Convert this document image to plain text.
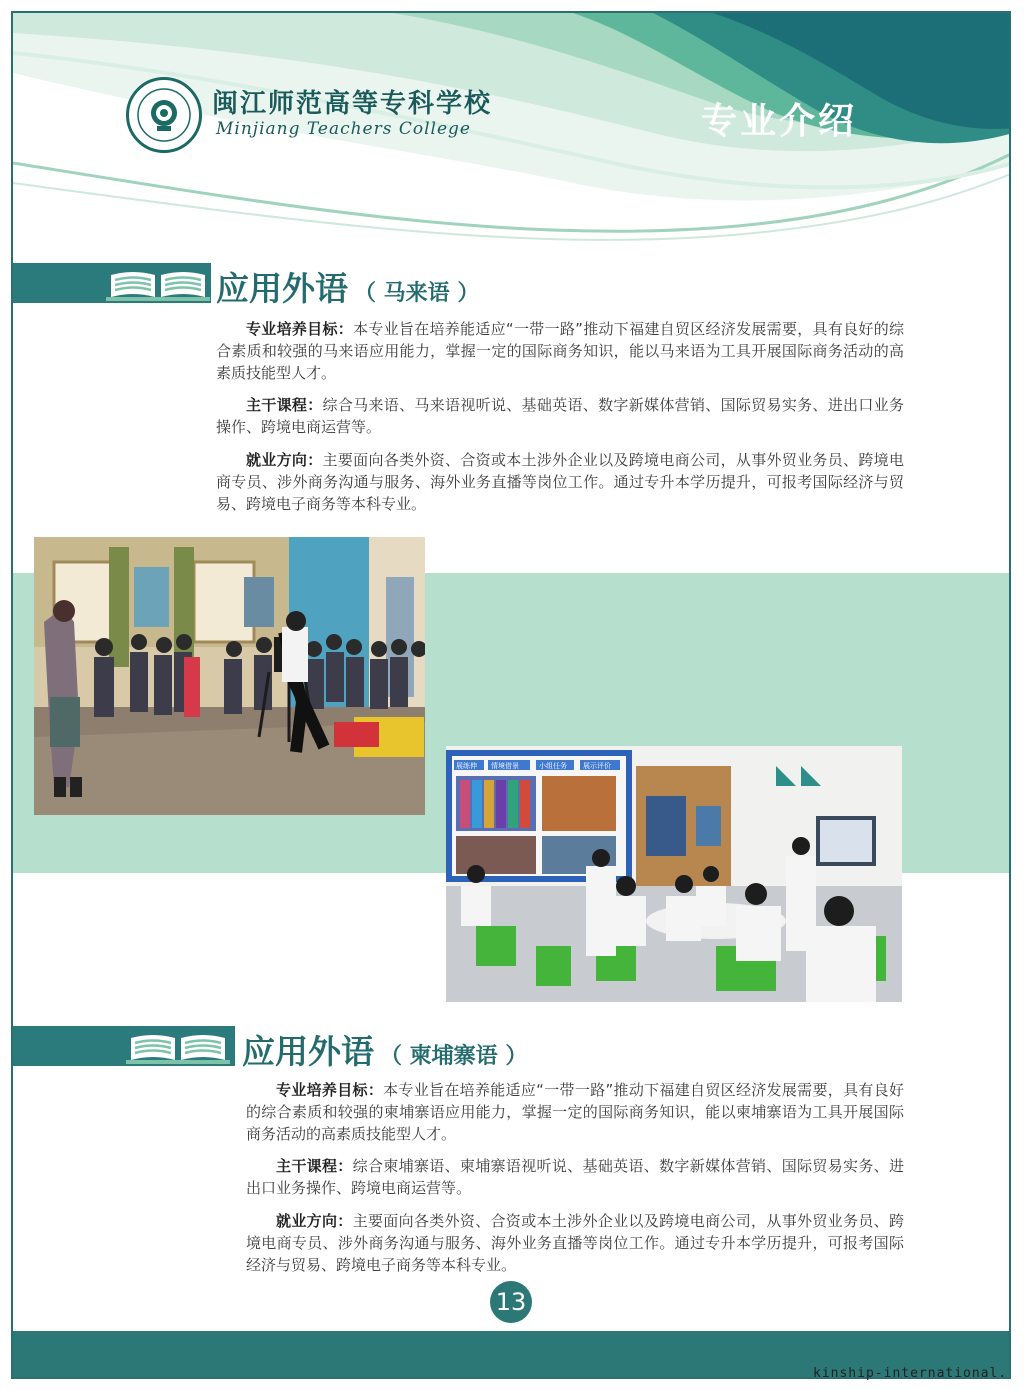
闽江师范高等专科学校
Minjiang Teachers College	专业介绍
应用外语 （ 马来语 ）
专业培养目标：本专业旨在培养能适应“一带一路”推动下福建自贸区经济发展需要，具有良好的综合素质和较强的马来语应用能力，掌握一定的国际商务知识，能以马来语为工具开展国际商务活动的高素质技能型人才。
主干课程：综合马来语、马来语视听说、基础英语、数字新媒体营销、国际贸易实务、进出口业务操作、跨境电商运营等。
就业方向：主要面向各类外资、合资或本土涉外企业以及跨境电商公司，从事外贸业务员、跨境电商专员、涉外商务沟通与服务、海外业务直播等岗位工作。通过专升本学历提升，可报考国际经济与贸易、跨境电子商务等本科专业。
展练伸 情境借景	小组任务 展示评价
应用外语 （ 柬埔寨语 ）
专业培养目标：本专业旨在培养能适应“一带一路”推动下福建自贸区经济发展需要，具有良好的综合素质和较强的柬埔寨语应用能力，掌握一定的国际商务知识，能以柬埔寨语为工具开展国际商务活动的高素质技能型人才。
主干课程：综合柬埔寨语、柬埔寨语视听说、基础英语、数字新媒体营销、国际贸易实务、进出口业务操作、跨境电商运营等。
就业方向：主要面向各类外资、合资或本土涉外企业以及跨境电商公司，从事外贸业务员、跨境电商专员、涉外商务沟通与服务、海外业务直播等岗位工作。通过专升本学历提升，可报考国际经济与贸易、跨境电子商务等本科专业。
13
kinship-international.
